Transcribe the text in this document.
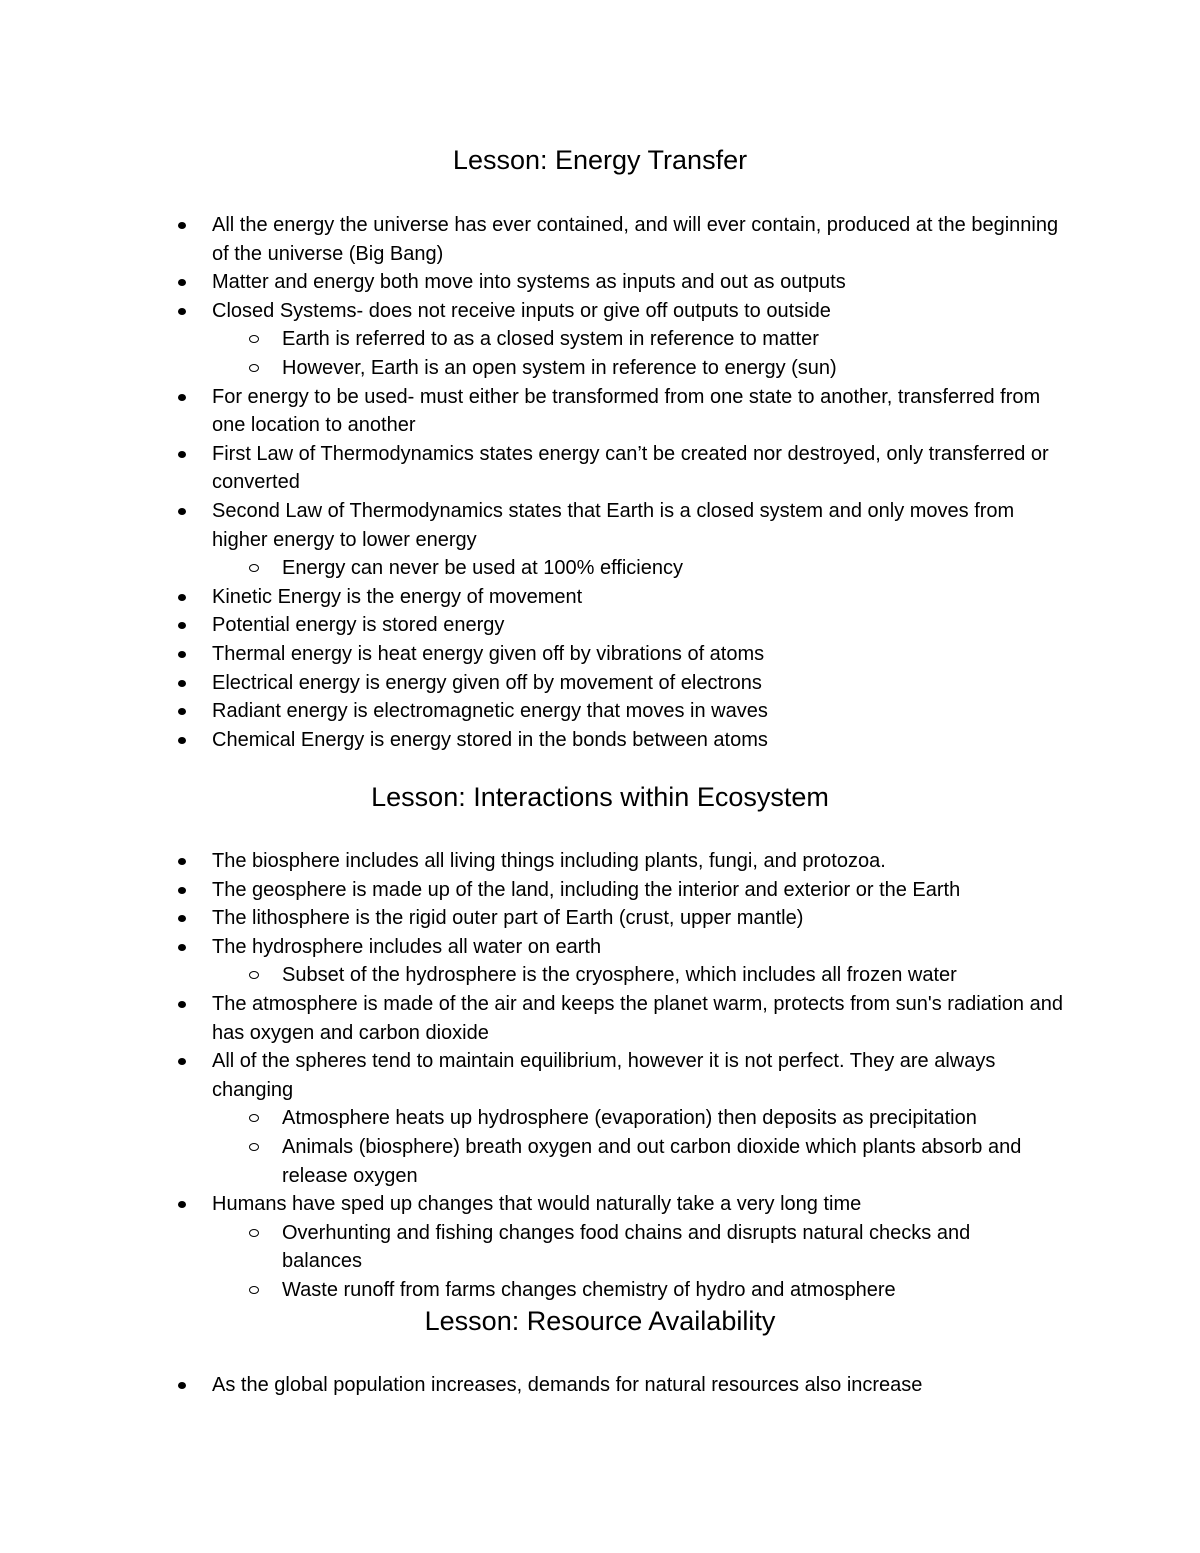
Lesson: Energy Transfer
All the energy the universe has ever contained, and will ever contain, produced at the beginning of the universe (Big Bang)
Matter and energy both move into systems as inputs and out as outputs
Closed Systems- does not receive inputs or give off outputs to outside
Earth is referred to as a closed system in reference to matter
However, Earth is an open system in reference to energy (sun)
For energy to be used- must either be transformed from one state to another, transferred from one location to another
First Law of Thermodynamics states energy can’t be created nor destroyed, only transferred or converted
Second Law of Thermodynamics states that Earth is a closed system and only moves from higher energy to lower energy
Energy can never be used at 100% efficiency
Kinetic Energy is the energy of movement
Potential energy is stored energy
Thermal energy is heat energy given off by vibrations of atoms
Electrical energy is energy given off by movement of electrons
Radiant energy is electromagnetic energy that moves in waves
Chemical Energy is energy stored in the bonds between atoms
Lesson: Interactions within Ecosystem
The biosphere includes all living things including plants, fungi, and protozoa.
The geosphere is made up of the land, including the interior and exterior or the Earth
The lithosphere is the rigid outer part of Earth (crust, upper mantle)
The hydrosphere includes all water on earth
Subset of the hydrosphere is the cryosphere, which includes all frozen water
The atmosphere is made of the air and keeps the planet warm, protects from sun's radiation and has oxygen and carbon dioxide
All of the spheres tend to maintain equilibrium, however it is not perfect. They are always changing
Atmosphere heats up hydrosphere (evaporation) then deposits as precipitation
Animals (biosphere) breath oxygen and out carbon dioxide which plants absorb and release oxygen
Humans have sped up changes that would naturally take a very long time
Overhunting and fishing changes food chains and disrupts natural checks and balances
Waste runoff from farms changes chemistry of hydro and atmosphere
Lesson: Resource Availability
As the global population increases, demands for natural resources also increase
